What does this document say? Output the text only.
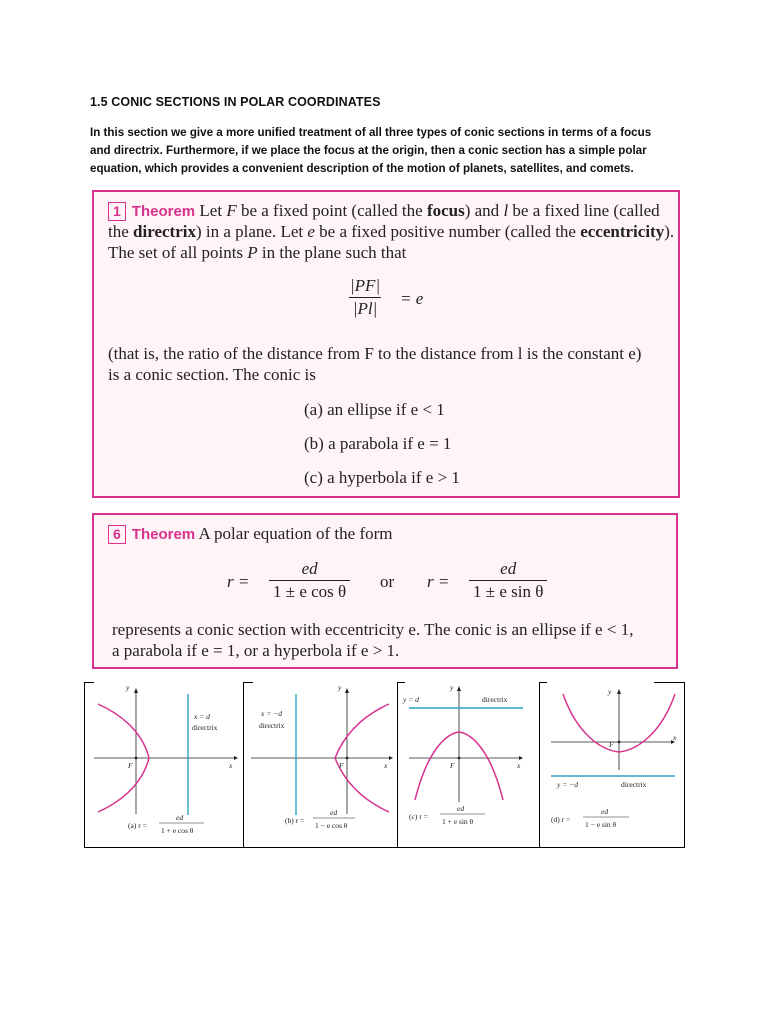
1.5 CONIC SECTIONS IN POLAR COORDINATES
In this section we give a more unified treatment of all three types of conic sections in terms of a focus
and directrix. Furthermore, if we place the focus at the origin, then a conic section has a simple polar
equation, which provides a convenient description of the motion of planets, satellites, and comets.
1 Theorem Let F be a fixed point (called the focus) and l be a fixed line (called
the directrix) in a plane. Let e be a fixed positive number (called the eccentricity).
The set of all points P in the plane such that
$\frac{|PF|}{|Pl|} = e$
(that is, the ratio of the distance from F to the distance from l is the constant e)
is a conic section. The conic is
(a) an ellipse if e < 1
(b) a parabola if e = 1
(c) a hyperbola if e > 1
6 Theorem A polar equation of the form
$r = \frac{ed}{\text{1 ± e cos θ}}$ or $r = \frac{ed}{\text{1 ± e sin θ}}$
represents a conic section with eccentricity e. The conic is an ellipse if e < 1,
a parabola if e = 1, or a hyperbola if e > 1.
y
x
F
x = d
directrix
(a) r =
ed
1 + e cos θ
y
x
F
x = −d
directrix
(b) r =
ed
1 − e cos θ
y
x
F
y = d	directrix
(c) r =
ed
1 + e sin θ
y
x
F
y = −d	directrix
(d) r =
ed
1 − e sin θ
